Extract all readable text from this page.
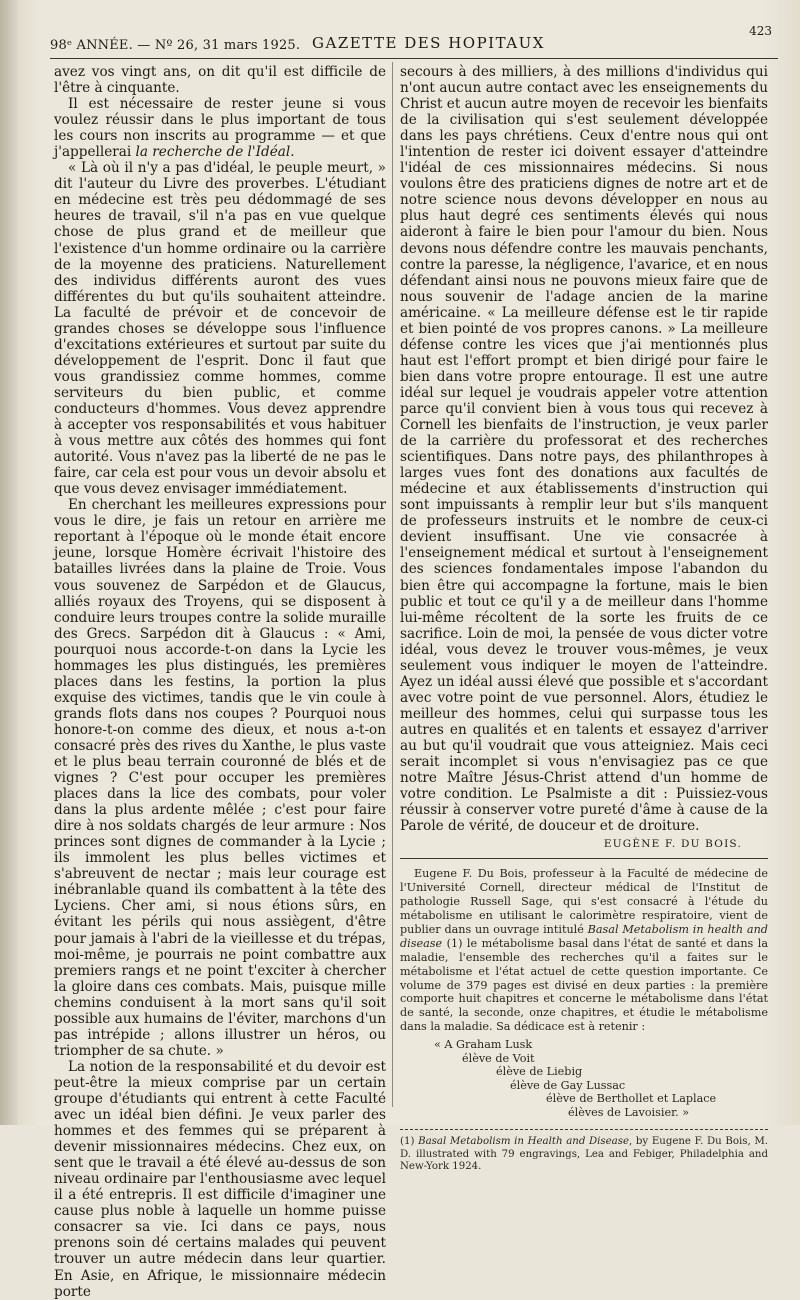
98ᵉ ANNÉE. — Nº 26, 31 mars 1925. GAZETTE DES HOPITAUX
423

avez vos vingt ans, on dit qu'il est difficile de l'être à cinquante.

Il est nécessaire de rester jeune si vous voulez réussir dans le plus important de tous les cours non inscrits au programme — et que j'appellerai la recherche de l'Idéal.

« Là où il n'y a pas d'idéal, le peuple meurt, » dit l'auteur du Livre des proverbes. L'étudiant en médecine est très peu dédommagé de ses heures de travail, s'il n'a pas en vue quelque chose de plus grand et de meilleur que l'existence d'un homme ordinaire ou la carrière de la moyenne des praticiens. Naturellement des individus différents auront des vues différentes du but qu'ils souhaitent atteindre. La faculté de prévoir et de concevoir de grandes choses se développe sous l'influence d'excitations extérieures et surtout par suite du développement de l'esprit. Donc il faut que vous grandissiez comme hommes, comme serviteurs du bien public, et comme conducteurs d'hommes. Vous devez apprendre à accepter vos responsabilités et vous habituer à vous mettre aux côtés des hommes qui font autorité. Vous n'avez pas la liberté de ne pas le faire, car cela est pour vous un devoir absolu et que vous devez envisager immédiatement.

En cherchant les meilleures expressions pour vous le dire, je fais un retour en arrière me reportant à l'époque où le monde était encore jeune, lorsque Homère écrivait l'histoire des batailles livrées dans la plaine de Troie. Vous vous souvenez de Sarpédon et de Glaucus, alliés royaux des Troyens, qui se disposent à conduire leurs troupes contre la solide muraille des Grecs. Sarpédon dit à Glaucus : « Ami, pourquoi nous accorde-t-on dans la Lycie les hommages les plus distingués, les premières places dans les festins, la portion la plus exquise des victimes, tandis que le vin coule à grands flots dans nos coupes ? Pourquoi nous honore-t-on comme des dieux, et nous a-t-on consacré près des rives du Xanthe, le plus vaste et le plus beau terrain couronné de blés et de vignes ? C'est pour occuper les premières places dans la lice des combats, pour voler dans la plus ardente mêlée ; c'est pour faire dire à nos soldats chargés de leur armure : Nos princes sont dignes de commander à la Lycie ; ils immolent les plus belles victimes et s'abreuvent de nectar ; mais leur courage est inébranlable quand ils combattent à la tête des Lyciens. Cher ami, si nous étions sûrs, en évitant les périls qui nous assiègent, d'être pour jamais à l'abri de la vieillesse et du trépas, moi-même, je pourrais ne point combattre aux premiers rangs et ne point t'exciter à chercher la gloire dans ces combats. Mais, puisque mille chemins conduisent à la mort sans qu'il soit possible aux humains de l'éviter, marchons d'un pas intrépide ; allons illustrer un héros, ou triompher de sa chute. »

La notion de la responsabilité et du devoir est peut-être la mieux comprise par un certain groupe d'étudiants qui entrent à cette Faculté avec un idéal bien défini. Je veux parler des hommes et des femmes qui se préparent à devenir missionnaires médecins. Chez eux, on sent que le travail a été élevé au-dessus de son niveau ordinaire par l'enthousiasme avec lequel il a été entrepris. Il est difficile d'imaginer une cause plus noble à laquelle un homme puisse consacrer sa vie. Ici dans ce pays, nous prenons soin dé certains malades qui peuvent trouver un autre médecin dans leur quartier. En Asie, en Afrique, le missionnaire médecin porte

secours à des milliers, à des millions d'individus qui n'ont aucun autre contact avec les enseignements du Christ et aucun autre moyen de recevoir les bienfaits de la civilisation qui s'est seulement développée dans les pays chrétiens. Ceux d'entre nous qui ont l'intention de rester ici doivent essayer d'atteindre l'idéal de ces missionnaires médecins. Si nous voulons être des praticiens dignes de notre art et de notre science nous devons développer en nous au plus haut degré ces sentiments élevés qui nous aideront à faire le bien pour l'amour du bien. Nous devons nous défendre contre les mauvais penchants, contre la paresse, la négligence, l'avarice, et en nous défendant ainsi nous ne pouvons mieux faire que de nous souvenir de l'adage ancien de la marine américaine. « La meilleure défense est le tir rapide et bien pointé de vos propres canons. » La meilleure défense contre les vices que j'ai mentionnés plus haut est l'effort prompt et bien dirigé pour faire le bien dans votre propre entourage. Il est une autre idéal sur lequel je voudrais appeler votre attention parce qu'il convient bien à vous tous qui recevez à Cornell les bienfaits de l'instruction, je veux parler de la carrière du professorat et des recherches scientifiques. Dans notre pays, des philanthropes à larges vues font des donations aux facultés de médecine et aux établissements d'instruction qui sont impuissants à remplir leur but s'ils manquent de professeurs instruits et le nombre de ceux-ci devient insuffisant. Une vie consacrée à l'enseignement médical et surtout à l'enseignement des sciences fondamentales impose l'abandon du bien être qui accompagne la fortune, mais le bien public et tout ce qu'il y a de meilleur dans l'homme lui-même récoltent de la sorte les fruits de ce sacrifice. Loin de moi, la pensée de vous dicter votre idéal, vous devez le trouver vous-mêmes, je veux seulement vous indiquer le moyen de l'atteindre. Ayez un idéal aussi élevé que possible et s'accordant avec votre point de vue personnel. Alors, étudiez le meilleur des hommes, celui qui surpasse tous les autres en qualités et en talents et essayez d'arriver au but qu'il voudrait que vous atteigniez. Mais ceci serait incomplet si vous n'envisagiez pas ce que notre Maître Jésus-Christ attend d'un homme de votre condition. Le Psalmiste a dit : Puissiez-vous réussir à conserver votre pureté d'âme à cause de la Parole de vérité, de douceur et de droiture.

EUGÈNE F. DU BOIS.

Eugene F. Du Bois, professeur à la Faculté de médecine de l'Université Cornell, directeur médical de l'Institut de pathologie Russell Sage, qui s'est consacré à l'étude du métabolisme en utilisant le calorimètre respiratoire, vient de publier dans un ouvrage intitulé Basal Metabolism in health and disease (1) le métabolisme basal dans l'état de santé et dans la maladie, l'ensemble des recherches qu'il a faites sur le métabolisme et l'état actuel de cette question importante. Ce volume de 379 pages est divisé en deux parties : la première comporte huit chapitres et concerne le métabolisme dans l'état de santé, la seconde, onze chapitres, et étudie le métabolisme dans la maladie. Sa dédicace est à retenir :

« A Graham Lusk
élève de Voit
élève de Liebig
élève de Gay Lussac
élève de Berthollet et Laplace
élèves de Lavoisier. »
(1) Basal Metabolism in Health and Disease, by Eugene F. Du Bois, M. D. illustrated with 79 engravings, Lea and Febiger, Philadelphia and New-York 1924.
